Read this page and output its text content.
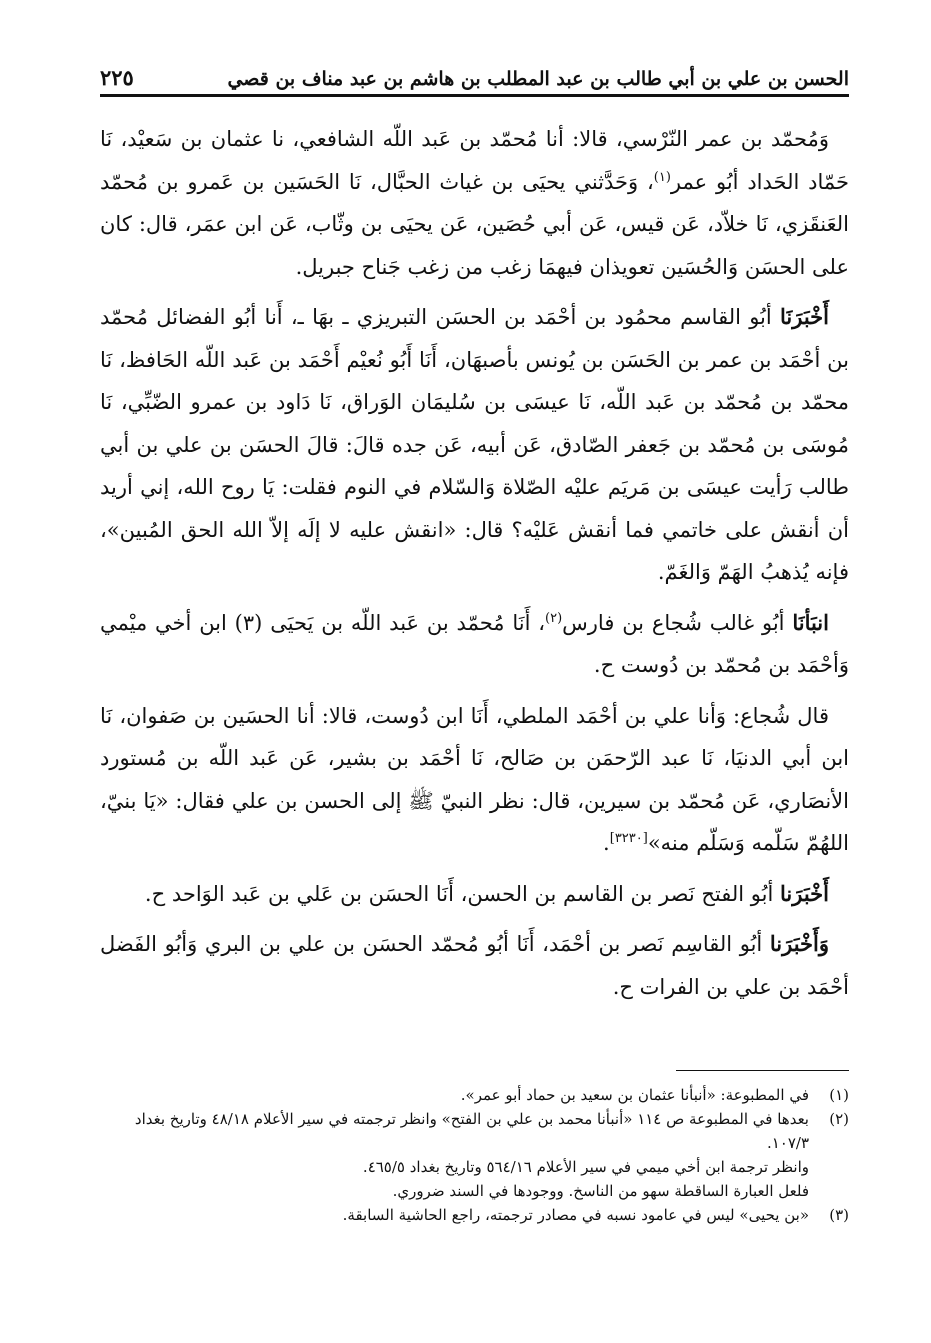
الحسن بن علي بن أبي طالب بن عبد المطلب بن هاشم بن عبد مناف بن قصي
٢٢٥

وَمُحمّد بن عمر النّرْسي، قالا: أنا مُحمّد بن عَبد اللّه الشافعي، نا عثمان بن سَعيْد، نَا حَمّاد الحَداد أبُو عمر$^{(١)}$، وَحَدَّثني يحيَى بن غياث الحبَّال، نَا الحَسَين بن عَمرو بن مُحمّد العَنقَزي، نَا خلاّد، عَن قيس، عَن أبي حُصَين، عَن يحيَى بن وثّاب، عَن ابن عمَر، قال: كان على الحسَن وَالحُسَين تعويذان فيهمَا زغب من زغب جَناح جبريل.

أَخْبَرَنَا أبُو القاسم محمُود بن أحْمَد بن الحسَن التبريزي ـ بهَا ـ، أَنا أبُو الفضائل مُحمّد بن أحْمَد بن عمر بن الحَسَن بن يُونس بأصبهَان، أَنَا أَبُو نُعيْم أَحْمَد بن عَبد اللّه الحَافظ، نَا محمّد بن مُحمّد بن عَبد اللّه، نَا عيسَى بن سُليمَان الوَراق، نَا دَاود بن عمرو الضّبِّي، نَا مُوسَى بن مُحمّد بن جَعفر الصّادق، عَن أبيه، عَن جده قالَ: قالَ الحسَن بن علي بن أبي طالب رَأيت عيسَى بن مَريَم عليْه الصّلاة وَالسّلام في النوم فقلت: يَا روح الله، إني أريد أن أنقش على خاتمي فما أنقش عَليْه؟ قال: «انقش عليه لا إلَه إلاّ الله الحق المُبين»، فإنه يُذهبُ الهَمّ وَالغَمّ.

انبَأنَا أبُو غالب شُجاع بن فارس$^{(٢)}$، أَنَا مُحمّد بن عَبد اللّه بن يَحيَى (٣) ابن أخي ميْمي وَأحْمَد بن مُحمّد بن دُوست ح.

قال شُجاع: وَأنا علي بن أحْمَد الملطي، أَنَا ابن دُوست، قالا: أنا الحسَين بن صَفوان، نَا ابن أبي الدنيَا، نَا عبد الرّحمَن بن صَالح، نَا أحْمَد بن بشير، عَن عَبد اللّه بن مُستورد الأنصَاري، عَن مُحمّد بن سيرين، قال: نظر النبيّ ﷺ إلى الحسن بن علي فقال: «يَا بنيّ، اللهُمّ سَلّمه وَسَلّم منه»[٣٢٣٠].

أَخْبَرَنا أبُو الفتح نَصر بن القاسم بن الحسن، أَنَا الحسَن بن عَلي بن عَبد الوَاحد ح.

وَأَخْبَرَنا أبُو القاسِم نَصر بن أحْمَد، أَنَا أبُو مُحمّد الحسَن بن علي بن البري وَأبُو الفَضل أحْمَد بن علي بن الفرات ح.

(١)
في المطبوعة: «أنبأنا عثمان بن سعيد بن حماد أبو عمر».
(٢)
بعدها في المطبوعة ص ١١٤ «أنبأنا محمد بن علي بن الفتح» وانظر ترجمته في سير الأعلام ٤٨/١٨ وتاريخ بغداد ١٠٧/٣.
وانظر ترجمة ابن أخي ميمي في سير الأعلام ٥٦٤/١٦ وتاريخ بغداد ٤٦٥/٥.
فلعل العبارة الساقطة سهو من الناسخ. ووجودها في السند ضروري.
(٣)
«بن يحيى» ليس في عامود نسبه في مصادر ترجمته، راجع الحاشية السابقة.
